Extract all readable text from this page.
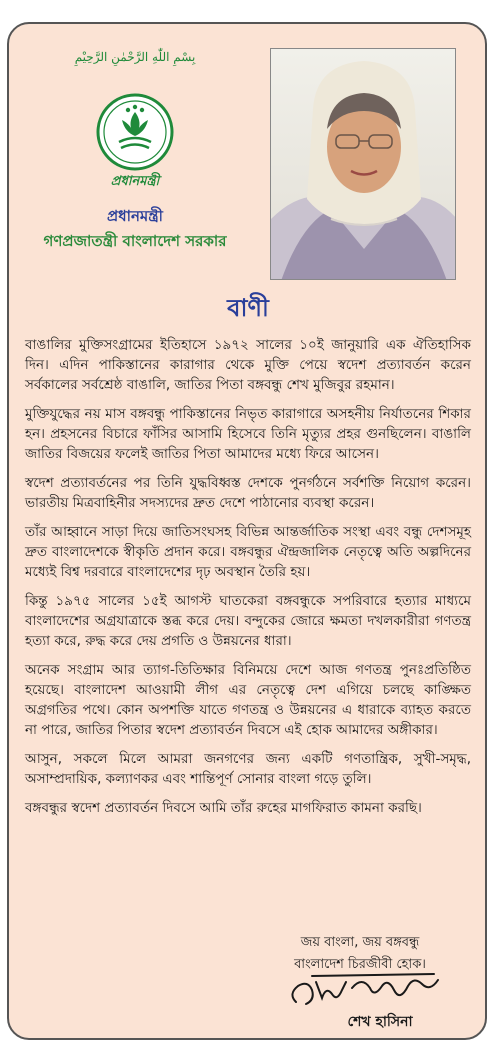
بِسْمِ اللّٰهِ الرَّحْمٰنِ الرَّحِيْمِ
প্রধানমন্ত্রী
প্রধানমন্ত্রী
গণপ্রজাতন্ত্রী বাংলাদেশ সরকার
বাণী

বাঙালির মুক্তিসংগ্রামের ইতিহাসে ১৯৭২ সালের ১০ই জানুয়ারি এক ঐতিহাসিক দিন। এদিন পাকিস্তানের কারাগার থেকে মুক্তি পেয়ে স্বদেশ প্রত্যাবর্তন করেন সর্বকালের সর্বশ্রেষ্ঠ বাঙালি, জাতির পিতা বঙ্গবন্ধু শেখ মুজিবুর রহমান।

মুক্তিযুদ্ধের নয় মাস বঙ্গবন্ধু পাকিস্তানের নিভৃত কারাগারে অসহনীয় নির্যাতনের শিকার হন। প্রহসনের বিচারে ফাঁসির আসামি হিসেবে তিনি মৃত্যুর প্রহর গুনছিলেন। বাঙালি জাতির বিজয়ের ফলেই জাতির পিতা আমাদের মধ্যে ফিরে আসেন।

স্বদেশ প্রত্যাবর্তনের পর তিনি যুদ্ধবিধ্বস্ত দেশকে পুনর্গঠনে সর্বশক্তি নিয়োগ করেন। ভারতীয় মিত্রবাহিনীর সদস্যদের দ্রুত দেশে পাঠানোর ব্যবস্থা করেন।

তাঁর আহ্বানে সাড়া দিয়ে জাতিসংঘসহ বিভিন্ন আন্তর্জাতিক সংস্থা এবং বন্ধু দেশসমূহ দ্রুত বাংলাদেশকে স্বীকৃতি প্রদান করে। বঙ্গবন্ধুর ঐন্দ্রজালিক নেতৃত্বে অতি অল্পদিনের মধ্যেই বিশ্ব দরবারে বাংলাদেশের দৃঢ় অবস্থান তৈরি হয়।

কিন্তু ১৯৭৫ সালের ১৫ই আগস্ট ঘাতকেরা বঙ্গবন্ধুকে সপরিবারে হত্যার মাধ্যমে বাংলাদেশের অগ্রযাত্রাকে স্তব্ধ করে দেয়। বন্দুকের জোরে ক্ষমতা দখলকারীরা গণতন্ত্র হত্যা করে, রুদ্ধ করে দেয় প্রগতি ও উন্নয়নের ধারা।

অনেক সংগ্রাম আর ত্যাগ-তিতিক্ষার বিনিময়ে দেশে আজ গণতন্ত্র পুনঃপ্রতিষ্ঠিত হয়েছে। বাংলাদেশ আওয়ামী লীগ এর নেতৃত্বে দেশ এগিয়ে চলছে কাঙ্ক্ষিত অগ্রগতির পথে। কোন অপশক্তি যাতে গণতন্ত্র ও উন্নয়নের এ ধারাকে ব্যাহত করতে না পারে, জাতির পিতার স্বদেশ প্রত্যাবর্তন দিবসে এই হোক আমাদের অঙ্গীকার।

আসুন, সকলে মিলে আমরা জনগণের জন্য একটি গণতান্ত্রিক, সুখী-সমৃদ্ধ, অসাম্প্রদায়িক, কল্যাণকর এবং শান্তিপূর্ণ সোনার বাংলা গড়ে তুলি।

বঙ্গবন্ধুর স্বদেশ প্রত্যাবর্তন দিবসে আমি তাঁর রুহের মাগফিরাত কামনা করছি।

জয় বাংলা, জয় বঙ্গবন্ধু
বাংলাদেশ চিরজীবী হোক।
শেখ হাসিনা
